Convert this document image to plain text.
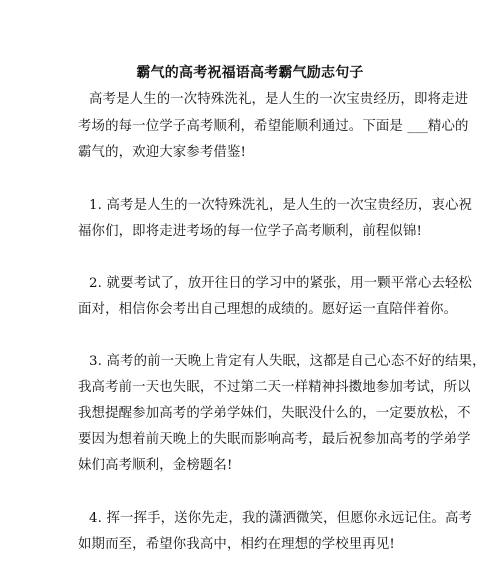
霸气的高考祝福语高考霸气励志句子
高考是人生的一次特殊洗礼，是人生的一次宝贵经历，即将走进
考场的每一位学子高考顺利，希望能顺利通过。下面是 ___精心的
霸气的，欢迎大家参考借鉴!
1. 高考是人生的一次特殊洗礼，是人生的一次宝贵经历，衷心祝
福你们，即将走进考场的每一位学子高考顺利，前程似锦!
2. 就要考试了，放开往日的学习中的紧张，用一颗平常心去轻松
面对，相信你会考出自己理想的成绩的。愿好运一直陪伴着你。
3. 高考的前一天晚上肯定有人失眠，这都是自己心态不好的结果，
我高考前一天也失眠，不过第二天一样精神抖擞地参加考试，所以
我想提醒参加高考的学弟学妹们，失眠没什么的，一定要放松，不
要因为想着前天晚上的失眠而影响高考，最后祝参加高考的学弟学
妹们高考顺利，金榜题名!
4. 挥一挥手，送你先走，我的潇洒微笑，但愿你永远记住。高考
如期而至，希望你我高中，相约在理想的学校里再见!
